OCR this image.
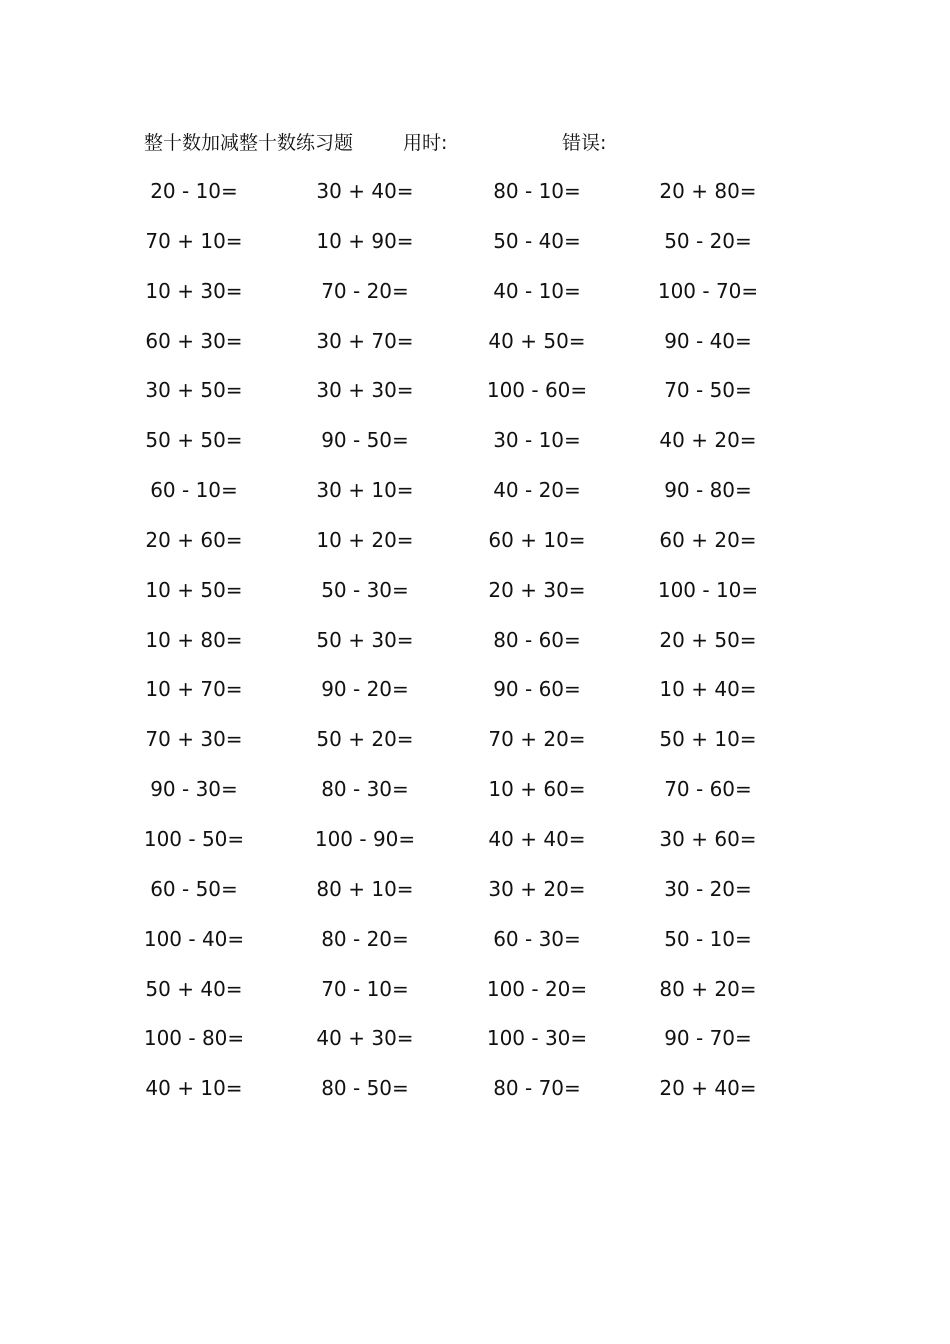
整十数加减整十数练习题	用时:	错误:
20 - 10=	30 + 40=	80 - 10=	20 + 80=
70 + 10=	10 + 90=	50 - 40=	50 - 20=
10 + 30=	70 - 20=	40 - 10=	100 - 70=
60 + 30=	30 + 70=	40 + 50=	90 - 40=
30 + 50=	30 + 30=	100 - 60=	70 - 50=
50 + 50=	90 - 50=	30 - 10=	40 + 20=
60 - 10=	30 + 10=	40 - 20=	90 - 80=
20 + 60=	10 + 20=	60 + 10=	60 + 20=
10 + 50=	50 - 30=	20 + 30=	100 - 10=
10 + 80=	50 + 30=	80 - 60=	20 + 50=
10 + 70=	90 - 20=	90 - 60=	10 + 40=
70 + 30=	50 + 20=	70 + 20=	50 + 10=
90 - 30=	80 - 30=	10 + 60=	70 - 60=
100 - 50=	100 - 90=	40 + 40=	30 + 60=
60 - 50=	80 + 10=	30 + 20=	30 - 20=
100 - 40=	80 - 20=	60 - 30=	50 - 10=
50 + 40=	70 - 10=	100 - 20=	80 + 20=
100 - 80=	40 + 30=	100 - 30=	90 - 70=
40 + 10=	80 - 50=	80 - 70=	20 + 40=
